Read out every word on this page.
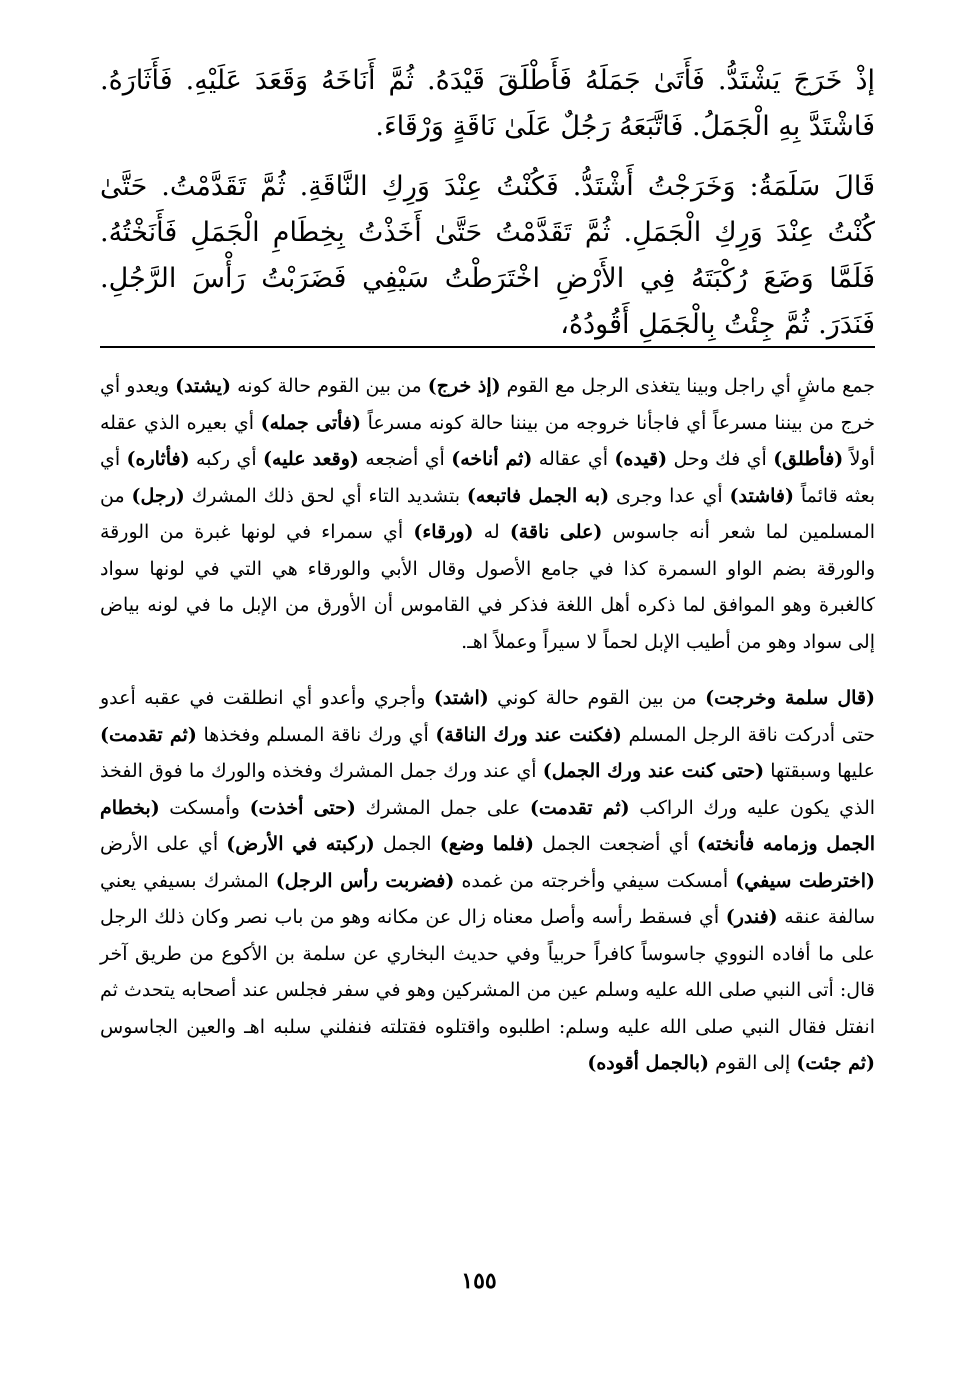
إذْ خَرَجَ يَشْتَدُّ. فَأَتَىٰ جَمَلَهُ فَأَطْلَقَ قَيْدَهُ. ثُمَّ أَنَاخَهُ وَقَعَدَ عَلَيْهِ. فَأَثَارَهُ. فَاشْتَدَّ بِهِ الْجَمَلُ. فَاتَّبَعَهُ رَجُلٌ عَلَىٰ نَاقَةٍ وَرْقَاءَ.

قَالَ سَلَمَةُ: وَخَرَجْتُ أَشْتَدُّ. فَكُنْتُ عِنْدَ وَرِكِ النَّاقَةِ. ثُمَّ تَقَدَّمْتُ. حَتَّىٰ كُنْتُ عِنْدَ وَرِكِ الْجَمَلِ. ثُمَّ تَقَدَّمْتُ حَتَّىٰ أَخَذْتُ بِخِطَامِ الْجَمَلِ فَأَنَخْتُهُ. فَلَمَّا وَضَعَ رُكْبَتَهُ فِي الأَرْضِ اخْتَرَطْتُ سَيْفِي فَضَرَبْتُ رَأْسَ الرَّجُلِ. فَنَدَرَ. ثُمَّ جِئْتُ بِالْجَمَلِ أَقُودُهُ،

جمع ماشٍ أي راجل وبينا يتغذى الرجل مع القوم (إذ خرج) من بين القوم حالة كونه (يشتد) ويعدو أي خرج من بيننا مسرعاً أي فاجأنا خروجه من بيننا حالة كونه مسرعاً (فأتى جمله) أي بعيره الذي عقله أولاً (فأطلق) أي فك وحل (قيده) أي عقاله (ثم أناخه) أي أضجعه (وقعد عليه) أي ركبه (فأثاره) أي بعثه قائماً (فاشتد) أي عدا وجرى (به الجمل فاتبعه) بتشديد التاء أي لحق ذلك المشرك (رجل) من المسلمين لما شعر أنه جاسوس (على ناقة) له (ورقاء) أي سمراء في لونها غبرة من الورقة والورقة بضم الواو السمرة كذا في جامع الأصول وقال الأبي والورقاء هي التي في لونها سواد كالغبرة وهو الموافق لما ذكره أهل اللغة فذكر في القاموس أن الأورق من الإبل ما في لونه بياض إلى سواد وهو من أطيب الإبل لحماً لا سيراً وعملاً اهـ.

(قال سلمة وخرجت) من بين القوم حالة كوني (اشتد) وأجري وأعدو أي انطلقت في عقبه أعدو حتى أدركت ناقة الرجل المسلم (فكنت عند ورك الناقة) أي ورك ناقة المسلم وفخذها (ثم تقدمت) عليها وسبقتها (حتى كنت عند ورك الجمل) أي عند ورك جمل المشرك وفخذه والورك ما فوق الفخذ الذي يكون عليه ورك الراكب (ثم تقدمت) على جمل المشرك (حتى أخذت) وأمسكت (بخطام الجمل وزمامه فأنخته) أي أضجعت الجمل (فلما وضع) الجمل (ركبته في الأرض) أي على الأرض (اخترطت سيفي) أمسكت سيفي وأخرجته من غمده (فضربت رأس الرجل) المشرك بسيفي يعني سالفة عنقه (فندر) أي فسقط رأسه وأصل معناه زال عن مكانه وهو من باب نصر وكان ذلك الرجل على ما أفاده النووي جاسوساً كافراً حربياً وفي حديث البخاري عن سلمة بن الأكوع من طريق آخر قال: أتى النبي صلى الله عليه وسلم عين من المشركين وهو في سفر فجلس عند أصحابه يتحدث ثم انفتل فقال النبي صلى الله عليه وسلم: اطلبوه واقتلوه فقتلته فنفلني سلبه اهـ والعين الجاسوس (ثم جئت) إلى القوم (بالجمل أقوده)

١٥٥
